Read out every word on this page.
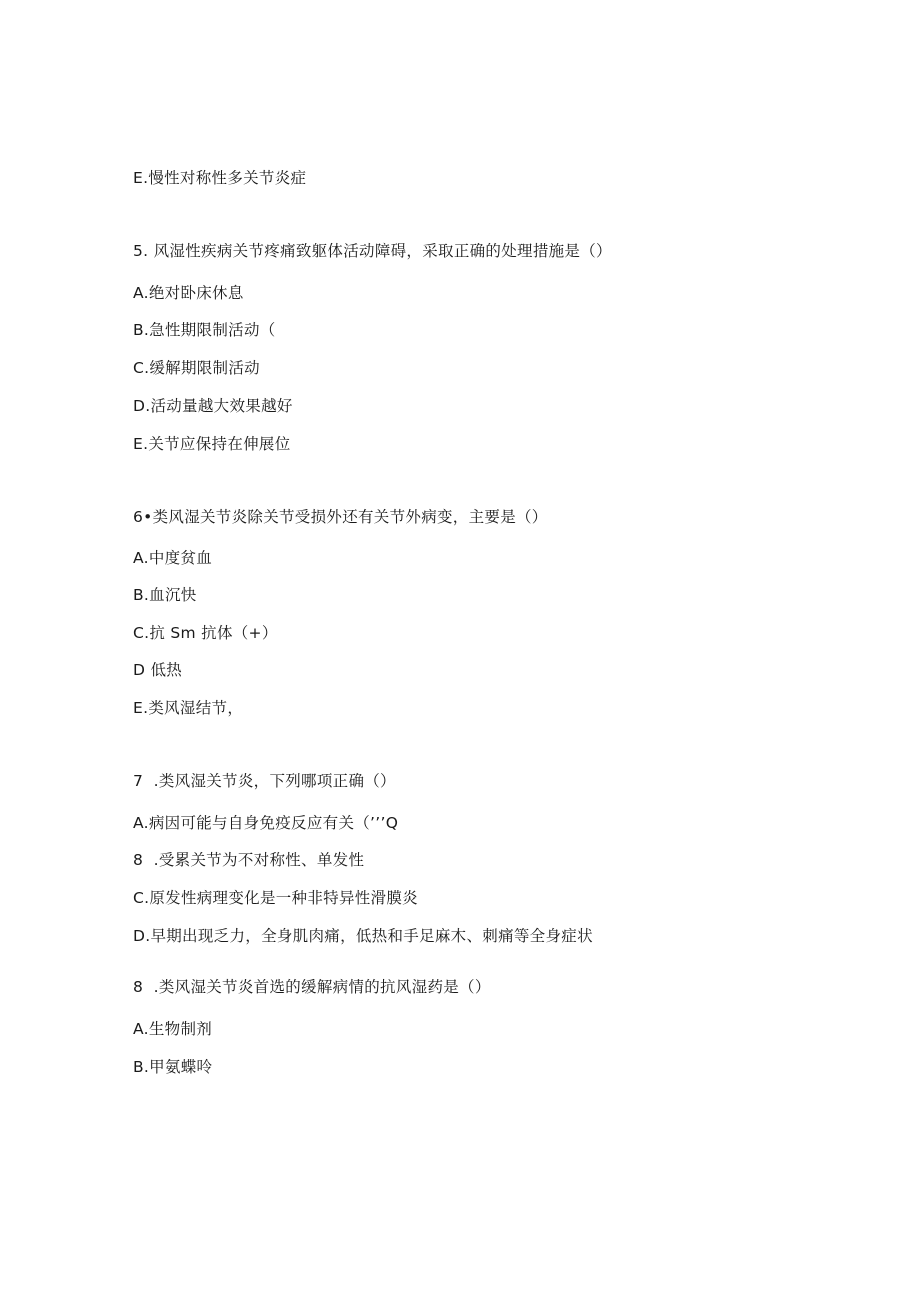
E.慢性对称性多关节炎症
5. 风湿性疾病关节疼痛致躯体活动障碍，采取正确的处理措施是（）
A.绝对卧床休息
B.急性期限制活动（
C.缓解期限制活动
D.活动量越大效果越好
E.关节应保持在伸展位
6•类风湿关节炎除关节受损外还有关节外病变，主要是（）
A.中度贫血
B.血沉快
C.抗 Sm 抗体（+）
D 低热
E.类风湿结节，
7  .类风湿关节炎，下列哪项正确（）
A.病因可能与自身免疫反应有关（’’’Q
8  .受累关节为不对称性、单发性
C.原发性病理变化是一种非特异性滑膜炎
D.早期出现乏力，全身肌肉痛，低热和手足麻木、刺痛等全身症状
8  .类风湿关节炎首选的缓解病情的抗风湿药是（）
A.生物制剂
B.甲氨蝶呤
